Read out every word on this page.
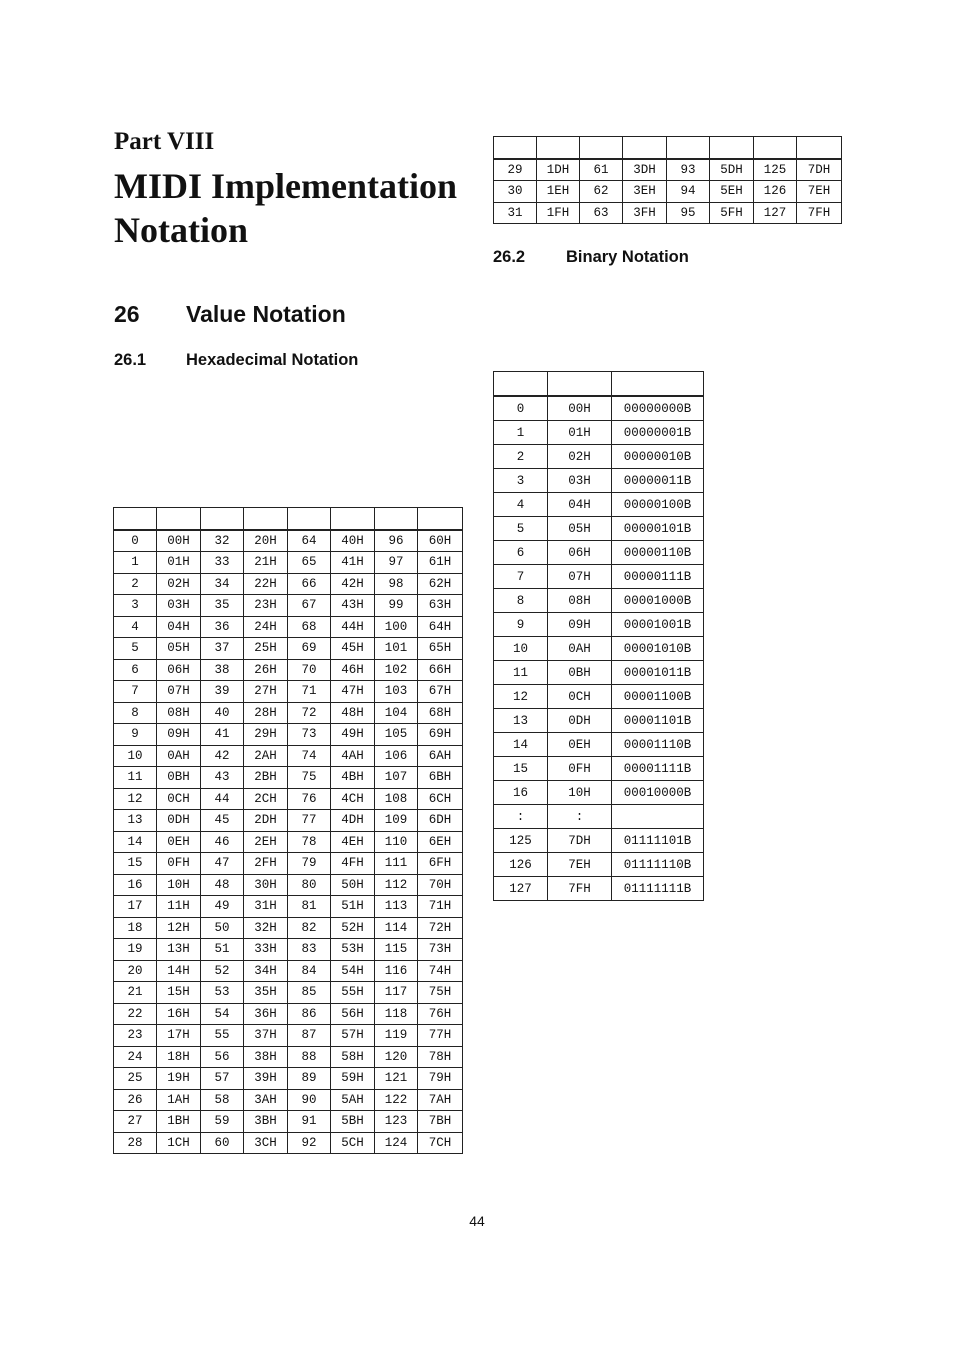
Part VIII
MIDI Implementation Notation
26 Value Notation
26.1 Hexadecimal Notation
26.2 Binary Notation

0	00H	32	20H	64	40H	96	60H
1	01H	33	21H	65	41H	97	61H
2	02H	34	22H	66	42H	98	62H
3	03H	35	23H	67	43H	99	63H
4	04H	36	24H	68	44H	100	64H
5	05H	37	25H	69	45H	101	65H
6	06H	38	26H	70	46H	102	66H
7	07H	39	27H	71	47H	103	67H
8	08H	40	28H	72	48H	104	68H
9	09H	41	29H	73	49H	105	69H
10	0AH	42	2AH	74	4AH	106	6AH
11	0BH	43	2BH	75	4BH	107	6BH
12	0CH	44	2CH	76	4CH	108	6CH
13	0DH	45	2DH	77	4DH	109	6DH
14	0EH	46	2EH	78	4EH	110	6EH
15	0FH	47	2FH	79	4FH	111	6FH
16	10H	48	30H	80	50H	112	70H
17	11H	49	31H	81	51H	113	71H
18	12H	50	32H	82	52H	114	72H
19	13H	51	33H	83	53H	115	73H
20	14H	52	34H	84	54H	116	74H
21	15H	53	35H	85	55H	117	75H
22	16H	54	36H	86	56H	118	76H
23	17H	55	37H	87	57H	119	77H
24	18H	56	38H	88	58H	120	78H
25	19H	57	39H	89	59H	121	79H
26	1AH	58	3AH	90	5AH	122	7AH
27	1BH	59	3BH	91	5BH	123	7BH
28	1CH	60	3CH	92	5CH	124	7CH

29	1DH	61	3DH	93	5DH	125	7DH
30	1EH	62	3EH	94	5EH	126	7EH
31	1FH	63	3FH	95	5FH	127	7FH

0	00H	00000000B
1	01H	00000001B
2	02H	00000010B
3	03H	00000011B
4	04H	00000100B
5	05H	00000101B
6	06H	00000110B
7	07H	00000111B
8	08H	00001000B
9	09H	00001001B
10	0AH	00001010B
11	0BH	00001011B
12	0CH	00001100B
13	0DH	00001101B
14	0EH	00001110B
15	0FH	00001111B
16	10H	00010000B
:	:	
125	7DH	01111101B
126	7EH	01111110B
127	7FH	01111111B
44
